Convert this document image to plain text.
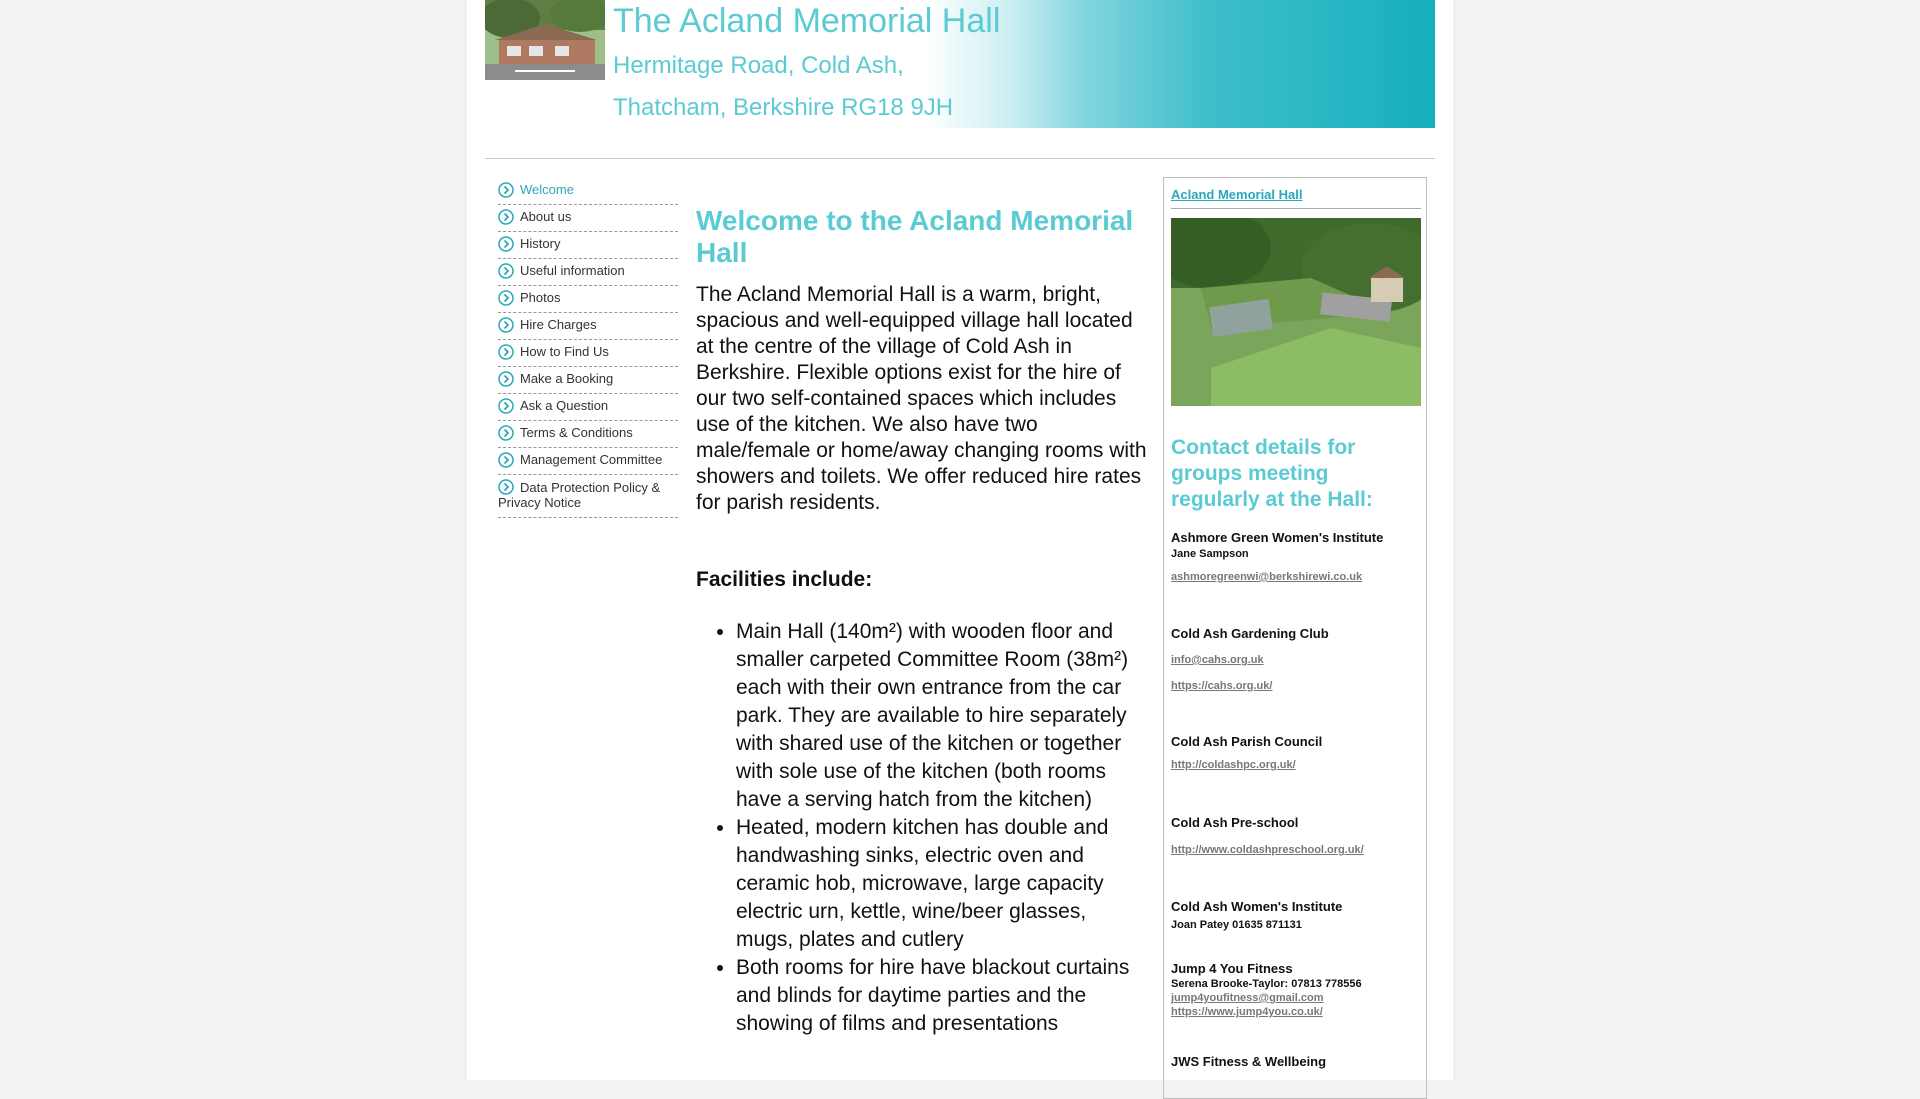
The Acland Memorial Hall
Hermitage Road, Cold Ash,
Thatcham, Berkshire RG18 9JH
Welcome
About us
History
Useful information
Photos
Hire Charges
How to Find Us
Make a Booking
Ask a Question
Terms & Conditions
Management Committee
Data Protection Policy & Privacy Notice
Welcome to the Acland Memorial Hall

The Acland Memorial Hall is a warm, bright, spacious and well-equipped village hall located at the centre of the village of Cold Ash in Berkshire. Flexible options exist for the hire of our two self-contained spaces which includes use of the kitchen. We also have two male/female or home/away changing rooms with showers and toilets. We offer reduced hire rates for parish residents.

Facilities include:

• Main Hall (140m²) with wooden floor and smaller carpeted Committee Room (38m²) each with their own entrance from the car park. They are available to hire separately with shared use of the kitchen or together with sole use of the kitchen (both rooms have a serving hatch from the kitchen)
• Heated, modern kitchen has double and handwashing sinks, electric oven and ceramic hob, microwave, large capacity electric urn, kettle, wine/beer glasses, mugs, plates and cutlery
• Both rooms for hire have blackout curtains and blinds for daytime parties and the showing of films and presentations
Acland Memorial Hall
Contact details for groups meeting regularly at the Hall:
Ashmore Green Women's Institute
Jane Sampson
ashmoregreenwi@berkshirewi.co.uk
Cold Ash Gardening Club
info@cahs.org.uk
https://cahs.org.uk/
Cold Ash Parish Council
http://coldashpc.org.uk/
Cold Ash Pre-school
http://www.coldashpreschool.org.uk/
Cold Ash Women's Institute
Joan Patey 01635 871131
Jump 4 You Fitness
Serena Brooke-Taylor: 07813 778556
jump4youfitness@gmail.com
https://www.jump4you.co.uk/
JWS Fitness & Wellbeing
